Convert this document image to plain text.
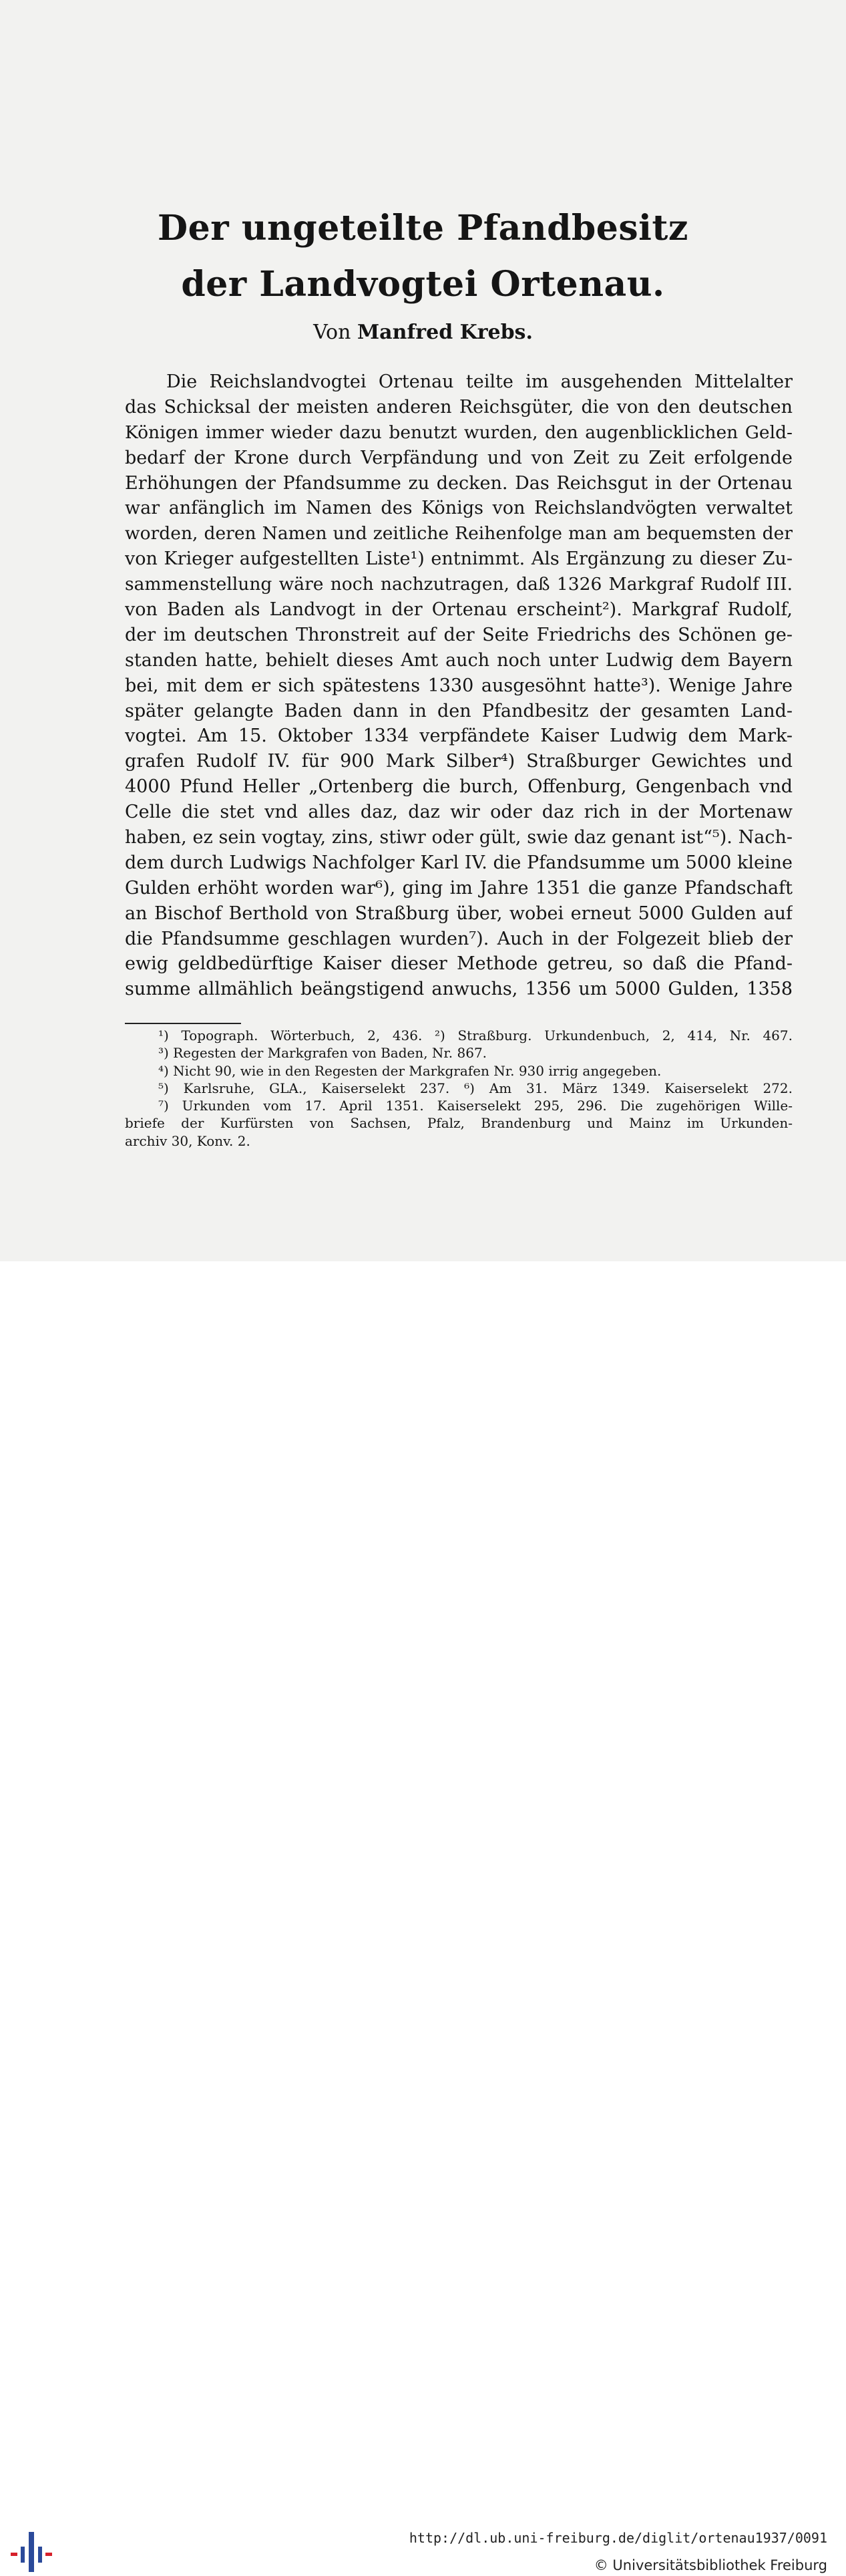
Der ungeteilte Pfandbesitz
der Landvogtei Ortenau.
Von Manfred Krebs.
Die Reichslandvogtei Ortenau teilte im ausgehenden Mittelalter
das Schicksal der meisten anderen Reichsgüter, die von den deutschen
Königen immer wieder dazu benutzt wurden, den augenblicklichen Geld-
bedarf der Krone durch Verpfändung und von Zeit zu Zeit erfolgende
Erhöhungen der Pfandsumme zu decken. Das Reichsgut in der Ortenau
war anfänglich im Namen des Königs von Reichslandvögten verwaltet
worden, deren Namen und zeitliche Reihenfolge man am bequemsten der
von Krieger aufgestellten Liste¹) entnimmt. Als Ergänzung zu dieser Zu-
sammenstellung wäre noch nachzutragen, daß 1326 Markgraf Rudolf III.
von Baden als Landvogt in der Ortenau erscheint²). Markgraf Rudolf,
der im deutschen Thronstreit auf der Seite Friedrichs des Schönen ge-
standen hatte, behielt dieses Amt auch noch unter Ludwig dem Bayern
bei, mit dem er sich spätestens 1330 ausgesöhnt hatte³). Wenige Jahre
später gelangte Baden dann in den Pfandbesitz der gesamten Land-
vogtei. Am 15. Oktober 1334 verpfändete Kaiser Ludwig dem Mark-
grafen Rudolf IV. für 900 Mark Silber⁴) Straßburger Gewichtes und
4000 Pfund Heller „Ortenberg die burch, Offenburg, Gengenbach vnd
Celle die stet vnd alles daz, daz wir oder daz rich in der Mortenaw
haben, ez sein vogtay, zins, stiwr oder gült, swie daz genant ist“⁵). Nach-
dem durch Ludwigs Nachfolger Karl IV. die Pfandsumme um 5000 kleine
Gulden erhöht worden war⁶), ging im Jahre 1351 die ganze Pfandschaft
an Bischof Berthold von Straßburg über, wobei erneut 5000 Gulden auf
die Pfandsumme geschlagen wurden⁷). Auch in der Folgezeit blieb der
ewig geldbedürftige Kaiser dieser Methode getreu, so daß die Pfand-
summe allmählich beängstigend anwuchs, 1356 um 5000 Gulden, 1358
¹) Topograph. Wörterbuch, 2, 436. ²) Straßburg. Urkundenbuch, 2, 414, Nr. 467.
³) Regesten der Markgrafen von Baden, Nr. 867.
⁴) Nicht 90, wie in den Regesten der Markgrafen Nr. 930 irrig angegeben.
⁵) Karlsruhe, GLA., Kaiserselekt 237. ⁶) Am 31. März 1349. Kaiserselekt 272.
⁷) Urkunden vom 17. April 1351. Kaiserselekt 295, 296. Die zugehörigen Wille-
briefe der Kurfürsten von Sachsen, Pfalz, Brandenburg und Mainz im Urkunden-
archiv 30, Konv. 2.
http://dl.ub.uni-freiburg.de/diglit/ortenau1937/0091
© Universitätsbibliothek Freiburg
